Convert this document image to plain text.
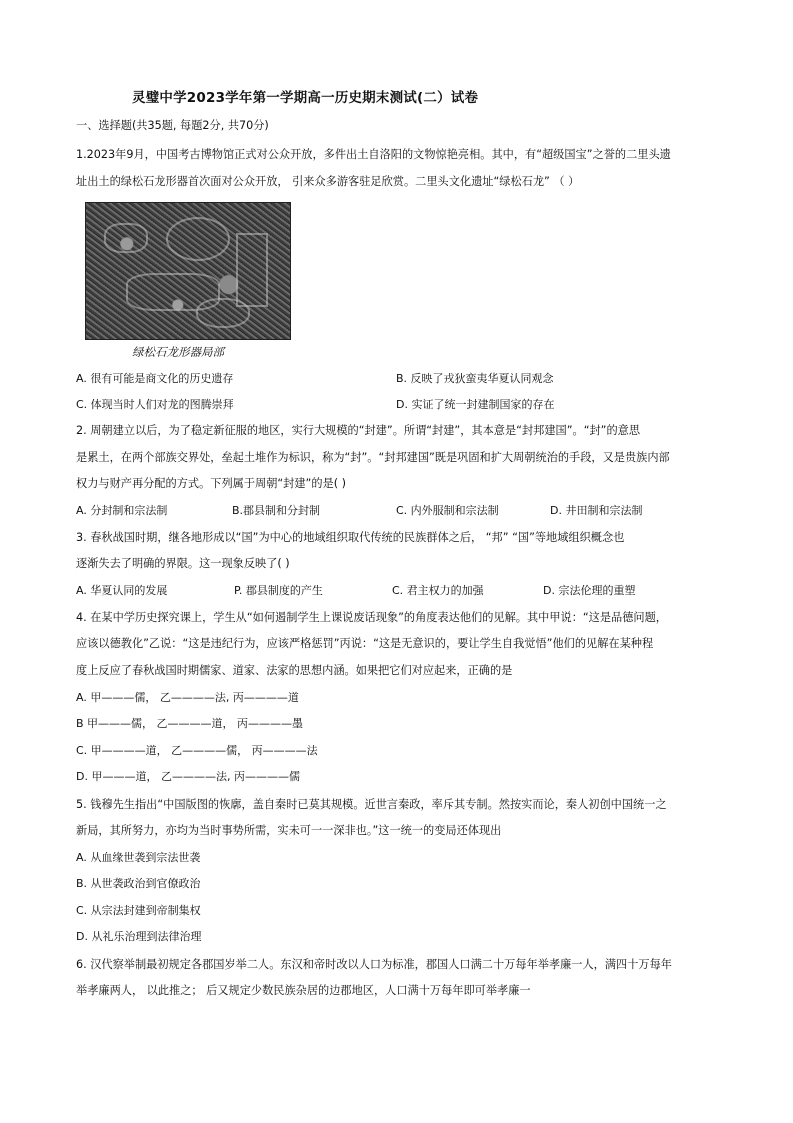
灵璧中学2023学年第一学期高一历史期末测试(二）试卷
一、选择题(共35题, 每题2分, 共70分)
1.2023年9月，中国考古博物馆正式对公众开放，多件出土自洛阳的文物惊艳亮相。其中，有“超级国宝”之誉的二里头遗
址出土的绿松石龙形器首次面对公众开放， 引来众多游客驻足欣赏。二里头文化遗址“绿松石龙” （ ）
绿松石龙形器局部
A. 很有可能是商文化的历史遗存	B. 反映了戎狄蛮夷华夏认同观念
C. 体现当时人们对龙的图腾崇拜	D. 实证了统一封建制国家的存在
2. 周朝建立以后，为了稳定新征服的地区，实行大规模的“封建”。所谓“封建”，其本意是“封邦建国”。“封”的意思
是累土，在两个部族交界处，垒起土堆作为标识，称为“封”。“封邦建国”既是巩固和扩大周朝统治的手段，又是贵族内部
权力与财产再分配的方式。下列属于周朝“封建”的是( )
A. 分封制和宗法制	B.郡县制和分封制	C. 内外服制和宗法制	D. 井田制和宗法制
3. 春秋战国时期，继各地形成以“国”为中心的地域组织取代传统的民族群体之后， “邦” “国”等地域组织概念也
逐渐失去了明确的界限。这一现象反映了( )
A. 华夏认同的发展	P. 郡县制度的产生	C. 君主权力的加强	D. 宗法伦理的重塑
4. 在某中学历史探究课上，学生从“如何遏制学生上课说废话现象”的角度表达他们的见解。其中甲说：“这是品德问题，
应该以德教化”乙说：“这是违纪行为，应该严格惩罚”丙说：“这是无意识的，要让学生自我觉悟”他们的见解在某种程
度上反应了春秋战国时期儒家、道家、法家的思想内涵。如果把它们对应起来，正确的是
A. 甲———儒， 乙————法, 丙————道
B 甲———儒， 乙————道， 丙————墨
C. 甲————道， 乙————儒， 丙————法
D. 甲———道， 乙————法, 丙————儒
5. 钱穆先生指出“中国版图的恢廓，盖自秦时已莫其规模。近世言秦政，率斥其专制。然按实而论，秦人初创中国统一之
新局，其所努力，亦均为当时事势所需，实未可一一深非也。”这一统一的变局还体现出
A. 从血缘世袭到宗法世袭
B. 从世袭政治到官僚政治
C. 从宗法封建到帝制集权
D. 从礼乐治理到法律治理
6. 汉代察举制最初规定各郡国岁举二人。东汉和帝时改以人口为标准，郡国人口满二十万每年举孝廉一人，满四十万每年
举孝廉两人， 以此推之； 后又规定少数民族杂居的边郡地区，人口满十万每年即可举孝廉一
